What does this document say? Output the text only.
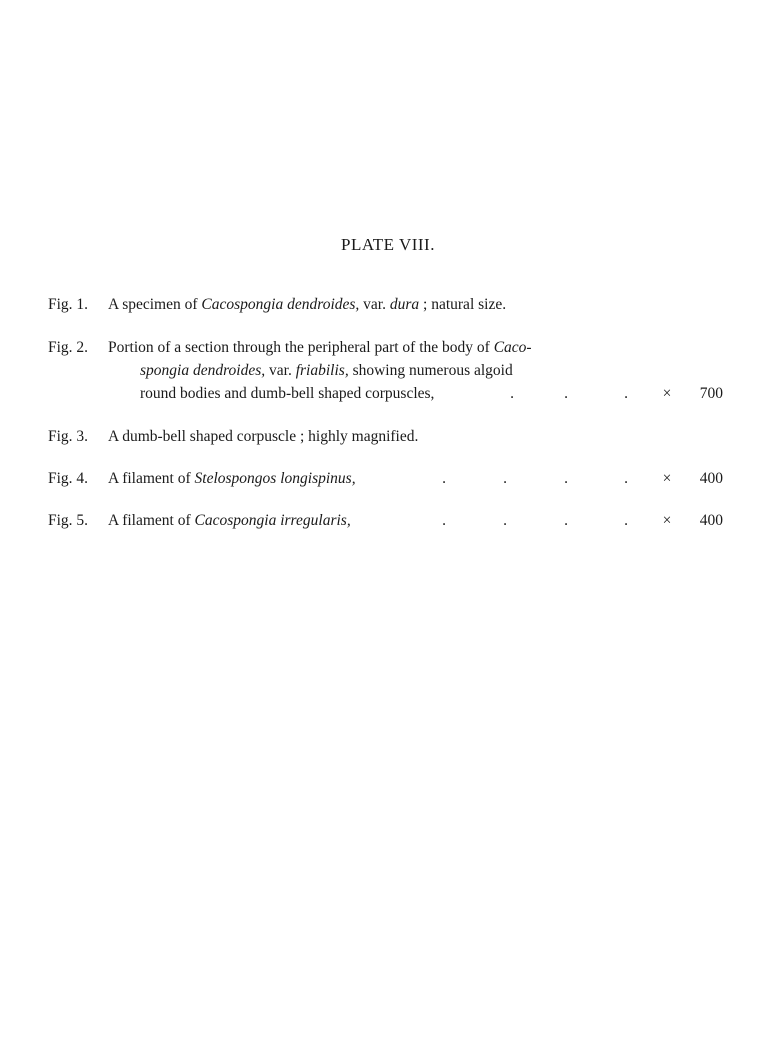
PLATE VIII.
Fig. 1.	A specimen of Cacospongia dendroides, var. dura ; natural size.
Fig. 2.	Portion of a section through the peripheral part of the body of Caco-
spongia dendroides, var. friabilis, showing numerous algoid
round bodies and dumb-bell shaped corpuscles,	.	.	. ×	700
Fig. 3.	A dumb-bell shaped corpuscle ; highly magnified.
Fig. 4.	A filament of Stelospongos longispinus,	.	.	.	. ×	400
Fig. 5.	A filament of Cacospongia irregularis,	.	.	.	. ×	400
